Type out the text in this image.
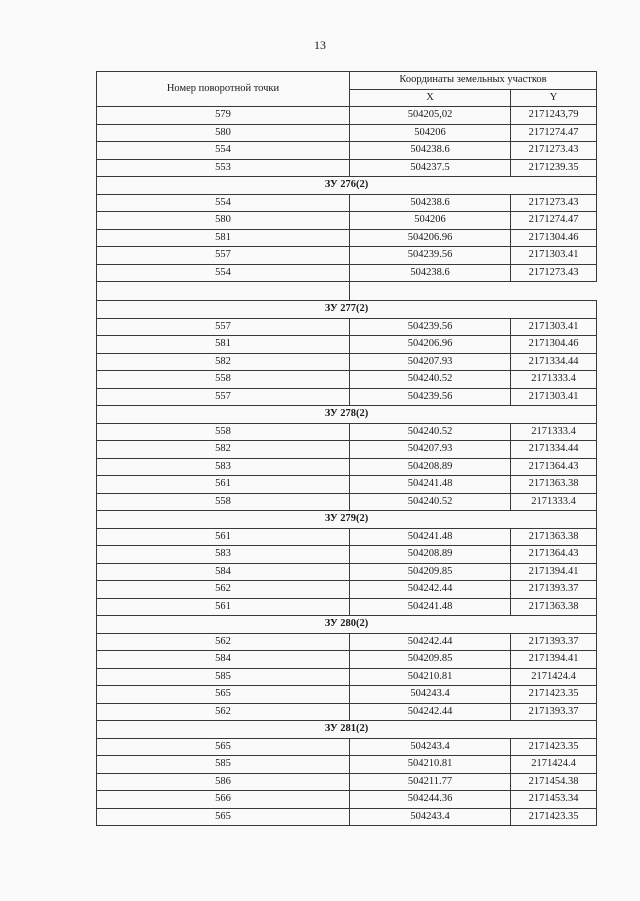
13
Номер поворотной точки	Координаты земельных участков	
	X	Y
579	504205,02	2171243,79
580	504206	2171274.47
554	504238.6	2171273.43
553	504237.5	2171239.35
ЗУ 276(2)		
554	504238.6	2171273.43
580	504206	2171274.47
581	504206.96	2171304.46
557	504239.56	2171303.41
554	504238.6	2171273.43

ЗУ 277(2)		
557	504239.56	2171303.41
581	504206.96	2171304.46
582	504207.93	2171334.44
558	504240.52	2171333.4
557	504239.56	2171303.41
ЗУ 278(2)		
558	504240.52	2171333.4
582	504207.93	2171334.44
583	504208.89	2171364.43
561	504241.48	2171363.38
558	504240.52	2171333.4
ЗУ 279(2)		
561	504241.48	2171363.38
583	504208.89	2171364.43
584	504209.85	2171394.41
562	504242.44	2171393.37
561	504241.48	2171363.38
ЗУ 280(2)		
562	504242.44	2171393.37
584	504209.85	2171394.41
585	504210.81	2171424.4
565	504243.4	2171423.35
562	504242.44	2171393.37
ЗУ 281(2)		
565	504243.4	2171423.35
585	504210.81	2171424.4
586	504211.77	2171454.38
566	504244.36	2171453.34
565	504243.4	2171423.35
